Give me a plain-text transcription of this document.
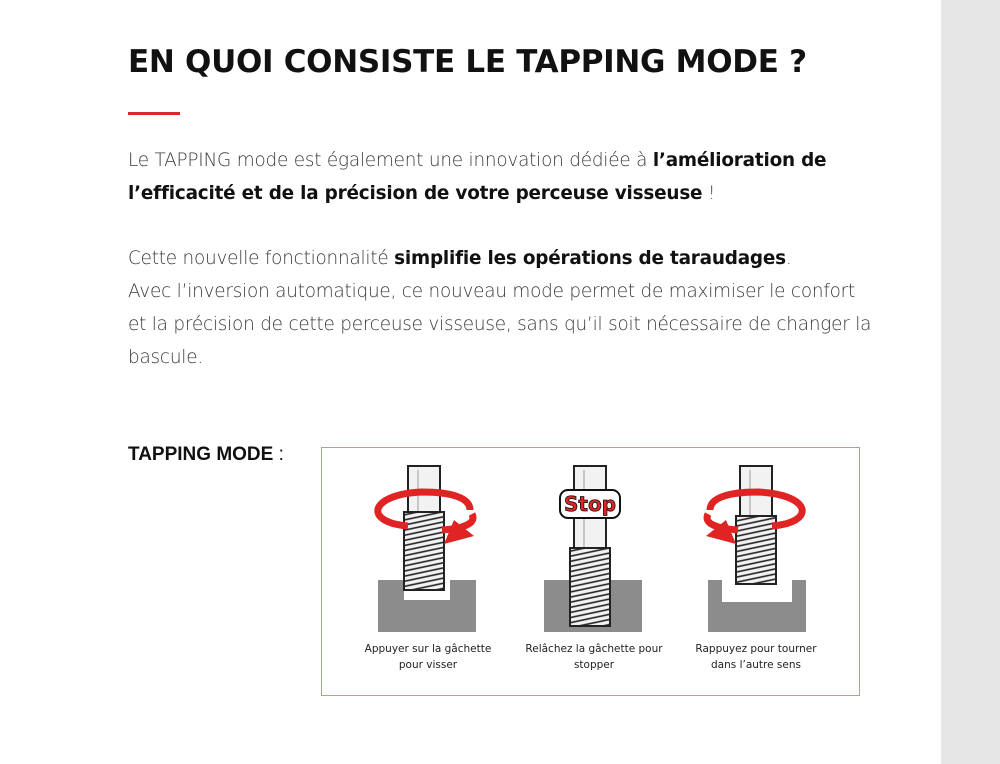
EN QUOI CONSISTE LE TAPPING MODE ?

Le TAPPING mode est également une innovation dédiée à l’amélioration de l’efficacité et de la précision de votre perceuse visseuse !

Cette nouvelle fonctionnalité simplifie les opérations de taraudages.
Avec l’inversion automatique, ce nouveau mode permet de maximiser le confort et la précision de cette perceuse visseuse, sans qu’il soit nécessaire de changer la bascule.

TAPPING MODE :

Stop

Appuyer sur la gâchette pour visser

Relâchez la gâchette pour stopper

Rappuyez pour tourner dans l’autre sens
